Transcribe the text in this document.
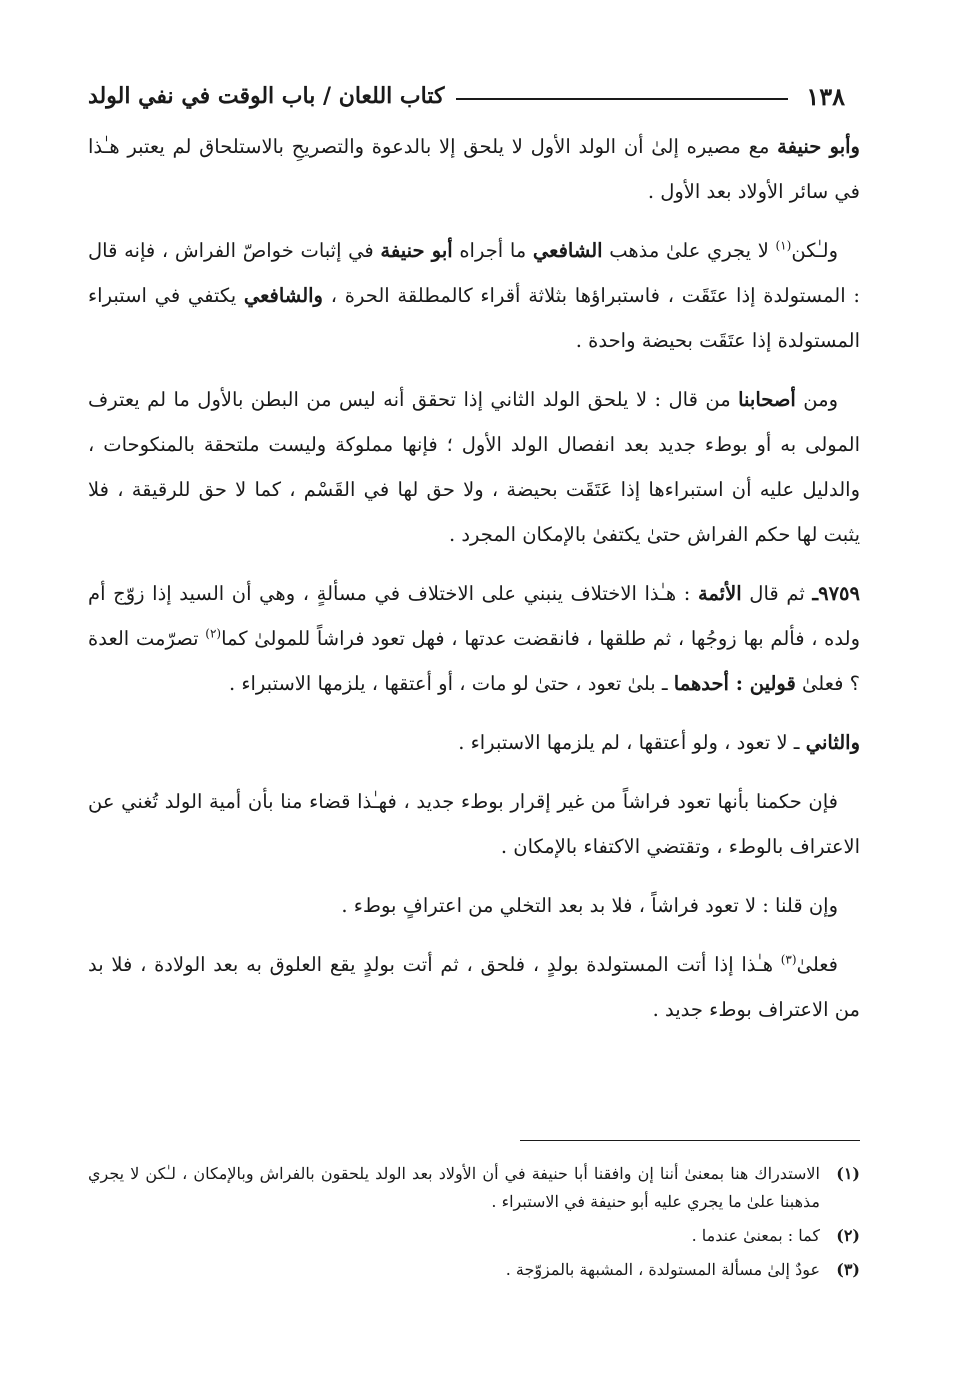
١٣٨
كتاب اللعان / باب الوقت في نفي الولد

وأبو حنيفة مع مصيره إلىٰ أن الولد الأول لا يلحق إلا بالدعوة والتصريحِ بالاستلحاق لم يعتبر هـٰذا في سائر الأولاد بعد الأول .

ولـٰكن$^{(١)}$ لا يجري علىٰ مذهب الشافعي ما أجراه أبو حنيفة في إثبات خواصّ الفراش ، فإنه قال : المستولدة إذا عتَقَت ، فاستبراؤها بثلاثة أقراء كالمطلقة الحرة ، والشافعي يكتفي في استبراء المستولدة إذا عتَقَت بحيضة واحدة .

ومن أصحابنا من قال : لا يلحق الولد الثاني إذا تحقق أنه ليس من البطن بالأول ما لم يعترف المولى به أو بوطء جديد بعد انفصال الولد الأول ؛ فإنها مملوكة وليست ملتحقة بالمنكوحات ، والدليل عليه أن استبراءها إذا عَتَقَت بحيضة ، ولا حق لها في القَسْم ، كما لا حق للرقيقة ، فلا يثبت لها حكم الفراش حتىٰ يكتفىٰ بالإمكان المجرد .

٩٧٥٩ـ ثم قال الأئمة : هـٰذا الاختلاف ينبني على الاختلاف في مسألةٍ ، وهي أن السيد إذا زوّج أم ولده ، فألم بها زوجُها ، ثم طلقها ، فانقضت عدتها ، فهل تعود فراشاً للمولىٰ كما$^{(٢)}$ تصرّمت العدة ؟ فعلىٰ قولين : أحدهما ـ بلىٰ تعود ، حتىٰ لو مات ، أو أعتقها ، يلزمها الاستبراء .

والثاني ـ لا تعود ، ولو أعتقها ، لم يلزمها الاستبراء .

فإن حكمنا بأنها تعود فراشاً من غير إقرار بوطء جديد ، فهـٰذا قضاء منا بأن أمية الولد تُغني عن الاعتراف بالوطء ، وتقتضي الاكتفاء بالإمكان .

وإن قلنا : لا تعود فراشاً ، فلا بد بعد التخلي من اعترافٍ بوطء .

فعلىٰ$^{(٣)}$ هـٰذا إذا أتت المستولدة بولدٍ ، فلحق ، ثم أتت بولدٍ يقع العلوق به بعد الولادة ، فلا بد من الاعتراف بوطء جديد .

(١)
الاستدراك هنا بمعنىٰ أننا إن وافقنا أبا حنيفة في أن الأولاد بعد الولد يلحقون بالفراش وبالإمكان ، لـٰكن لا يجري مذهبنا علىٰ ما يجري عليه أبو حنيفة في الاستبراء .
(٢)
كما : بمعنىٰ عندما .
(٣)
عودٌ إلىٰ مسألة المستولدة ، المشبهة بالمزوّجة .
